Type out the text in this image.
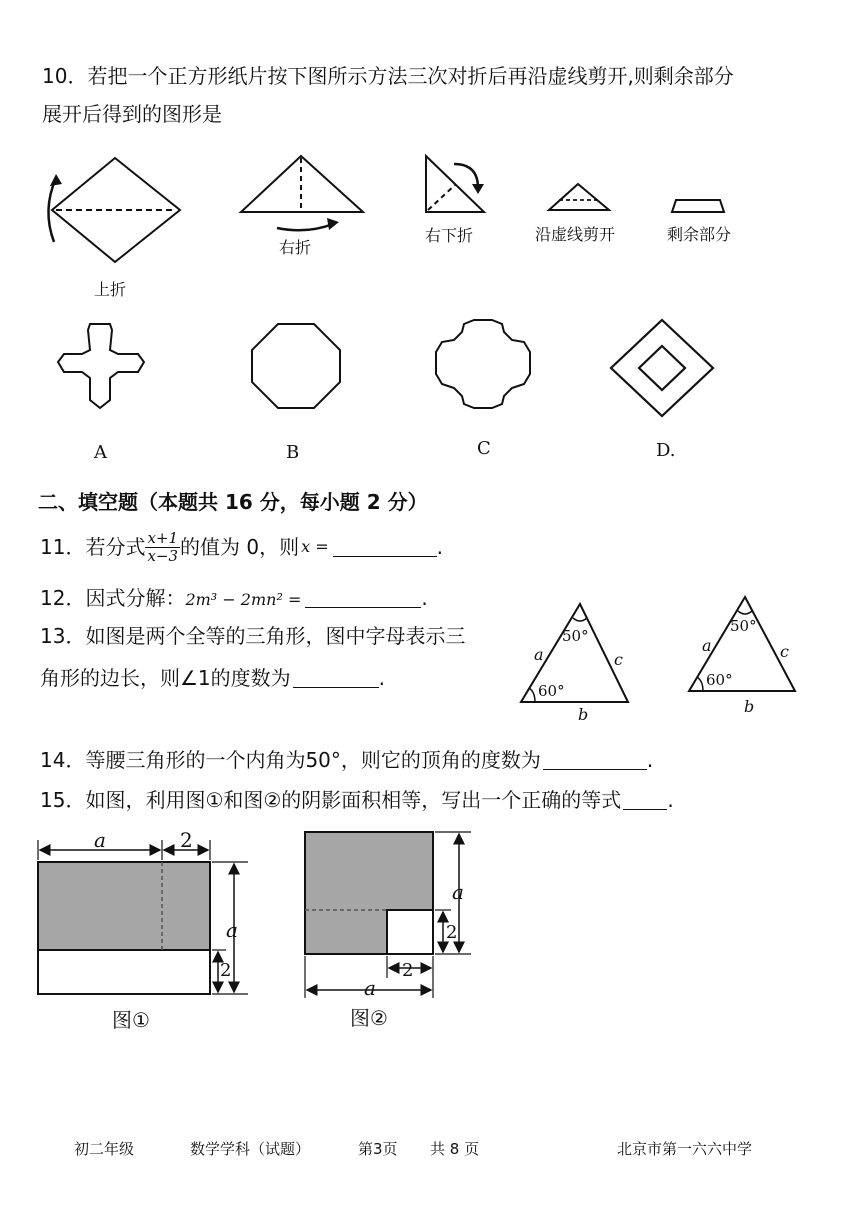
10．若把一个正方形纸片按下图所示方法三次对折后再沿虚线剪开,则剩余部分
展开后得到的图形是
上折
右折
右下折	沿虚线剪开	剩余部分
A	B	C	D.
二、填空题（本题共 16 分，每小题 2 分）
11．若分式 $\frac{x+1}{x-3}$ 的值为 0，则 x =	.
12．因式分解： 2m³ − 2mn² =	.
13．如图是两个全等的三角形，图中字母表示三
角形的边长，则∠1的度数为	.
50°
60°
a	c
b
50°
60°
a	c
b
14．等腰三角形的一个内角为50°，则它的顶角的度数为	.
15．如图，利用图①和图②的阴影面积相等，写出一个正确的等式 .
a	2
a
2
图①
a
2
2
a
图②
初二年级	数学学科（试题）	第3页 共 8 页	北京市第一六六中学
